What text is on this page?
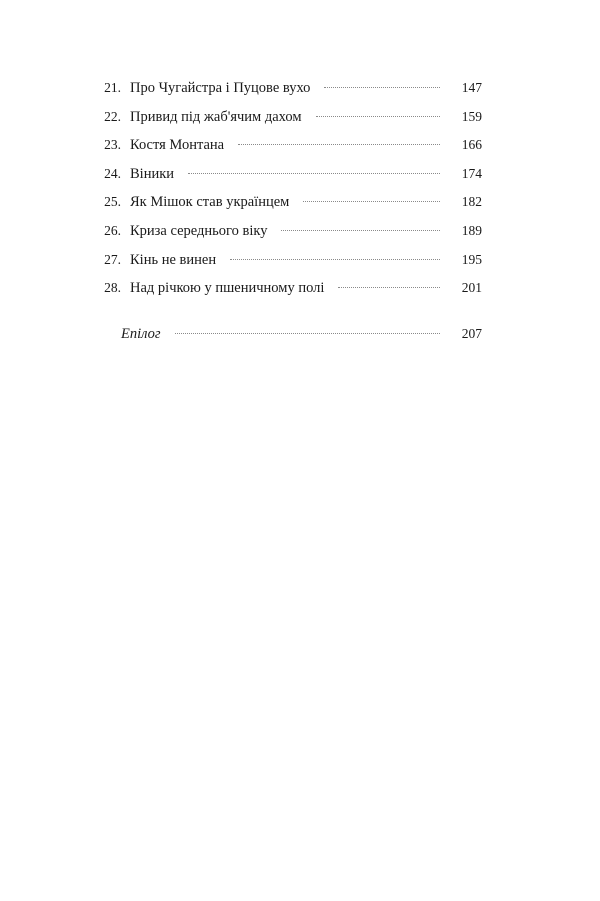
21. Про Чугайстра і Пуцове вухо	147
22. Привид під жаб'ячим дахом	159
23. Костя Монтана	166
24. Віники	174
25. Як Мішок став українцем	182
26. Криза середнього віку	189
27. Кінь не винен	195
28. Над річкою у пшеничному полі	201
Епілог	207
